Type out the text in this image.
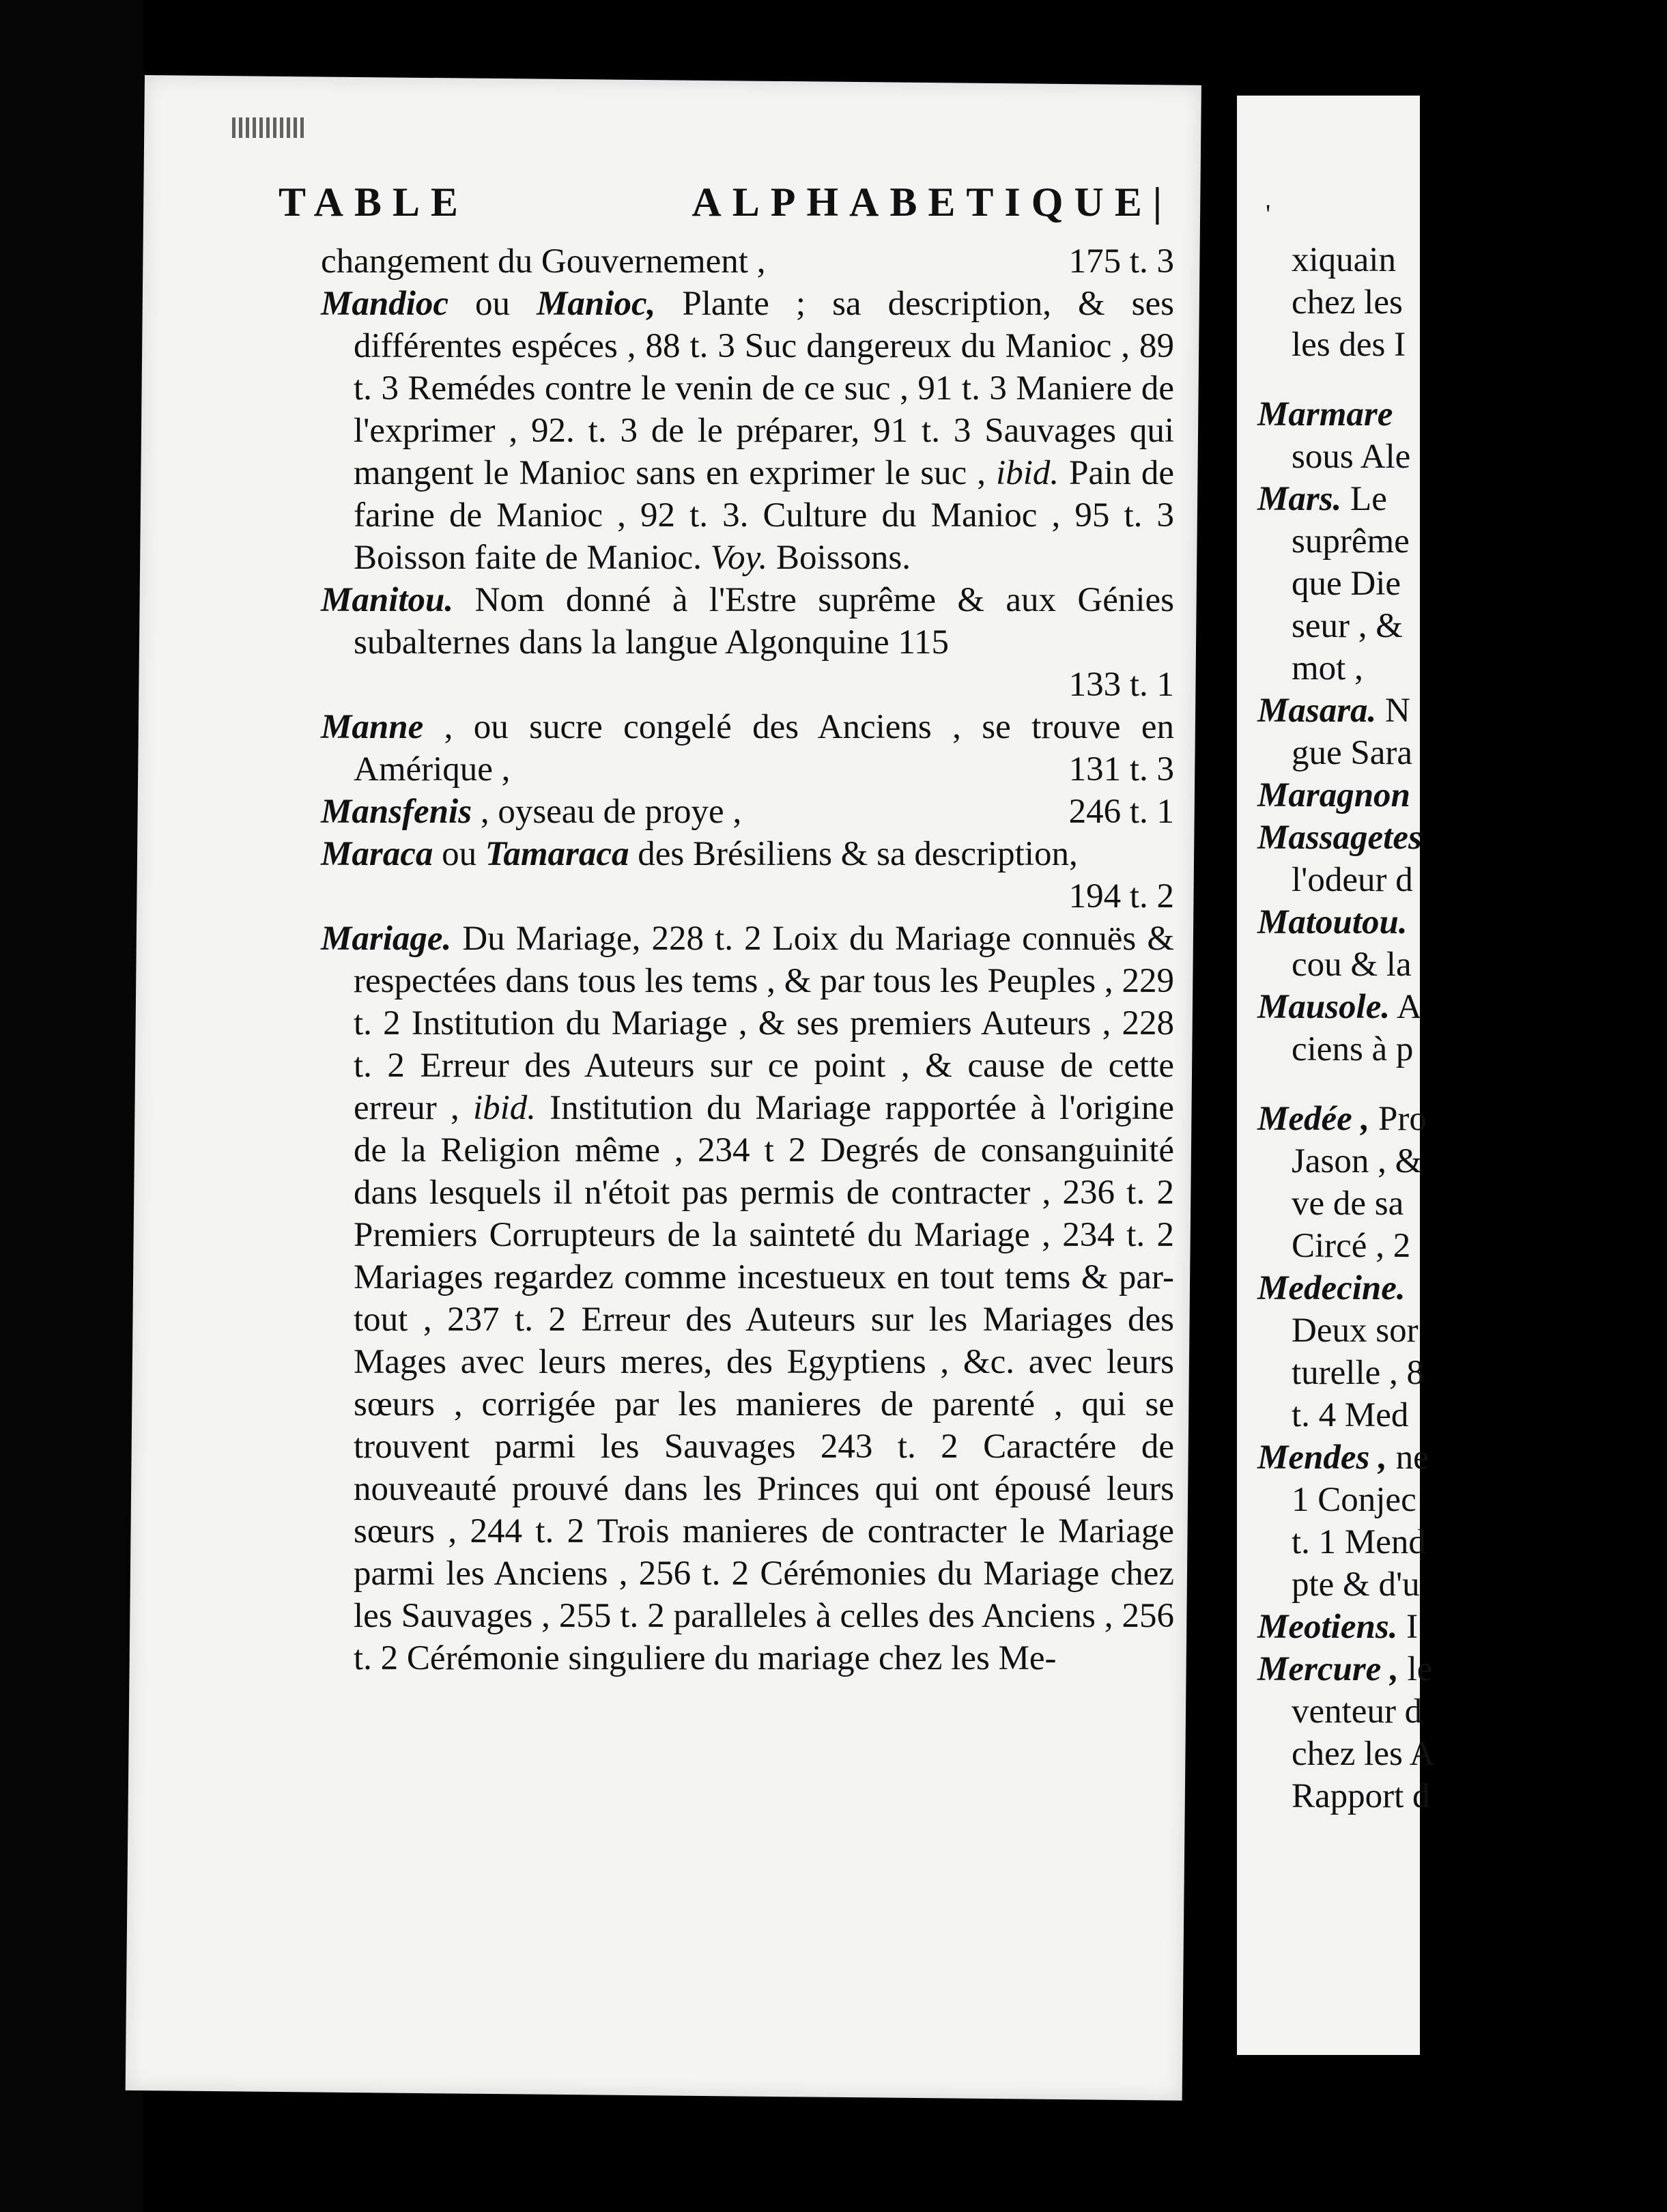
TABLE	ALPHABETIQUE|

changement du Gouvernement ,	175 t. 3

Mandioc ou Manioc, Plante ; sa description, & ses différentes espéces , 88 t. 3 Suc dangereux du Manioc , 89 t. 3 Remédes contre le venin de ce suc , 91 t. 3 Maniere de l'exprimer , 92. t. 3 de le préparer, 91 t. 3 Sauvages qui mangent le Manioc sans en exprimer le suc , ibid. Pain de farine de Manioc , 92 t. 3. Culture du Manioc , 95 t. 3 Boisson faite de Manioc. Voy. Boissons.

Manitou. Nom donné à l'Estre suprême & aux Génies subalternes dans la langue Algonquine 115

133 t. 1

Manne , ou sucre congelé des Anciens , se trouve en Amérique ,	131 t. 3

Mansfenis , oyseau de proye ,	246 t. 1

Maraca ou Tamaraca des Brésiliens & sa description,

194 t. 2

Mariage. Du Mariage, 228 t. 2 Loix du Mariage connuës & respectées dans tous les tems , & par tous les Peuples , 229 t. 2 Institution du Mariage , & ses premiers Auteurs , 228 t. 2 Erreur des Auteurs sur ce point , & cause de cette erreur , ibid. Institution du Mariage rapportée à l'origine de la Religion même , 234 t 2 Degrés de consanguinité dans lesquels il n'étoit pas permis de contracter , 236 t. 2 Premiers Corrupteurs de la sainteté du Mariage , 234 t. 2 Mariages regardez comme incestueux en tout tems & par-tout , 237 t. 2 Erreur des Auteurs sur les Mariages des Mages avec leurs meres, des Egyptiens , &c. avec leurs sœurs , corrigée par les manieres de parenté , qui se trouvent parmi les Sauvages 243 t. 2 Caractére de nouveauté prouvé dans les Princes qui ont épousé leurs sœurs , 244 t. 2 Trois manieres de contracter le Mariage parmi les Anciens , 256 t. 2 Cérémonies du Mariage chez les Sauvages , 255 t. 2 paralleles à celles des Anciens , 256 t. 2 Cérémonie singuliere du mariage chez les Me-

'

xiquain

chez les

les des I

Marmare

sous Ale

Mars. Le

suprême

que Die

seur , &

mot ,

Masara. N

gue Sara

Maragnon

Massagetes

l'odeur d

Matoutou.

cou & la

Mausole. A

ciens à p

Medée , Pro

Jason , &

ve de sa

Circé , 2

Medecine.

Deux sor

turelle , 8

t. 4 Med

Mendes , ne

1 Conjec

t. 1 Mend

pte & d'u

Meotiens. I

Mercure , le

venteur d

chez les A

Rapport d
